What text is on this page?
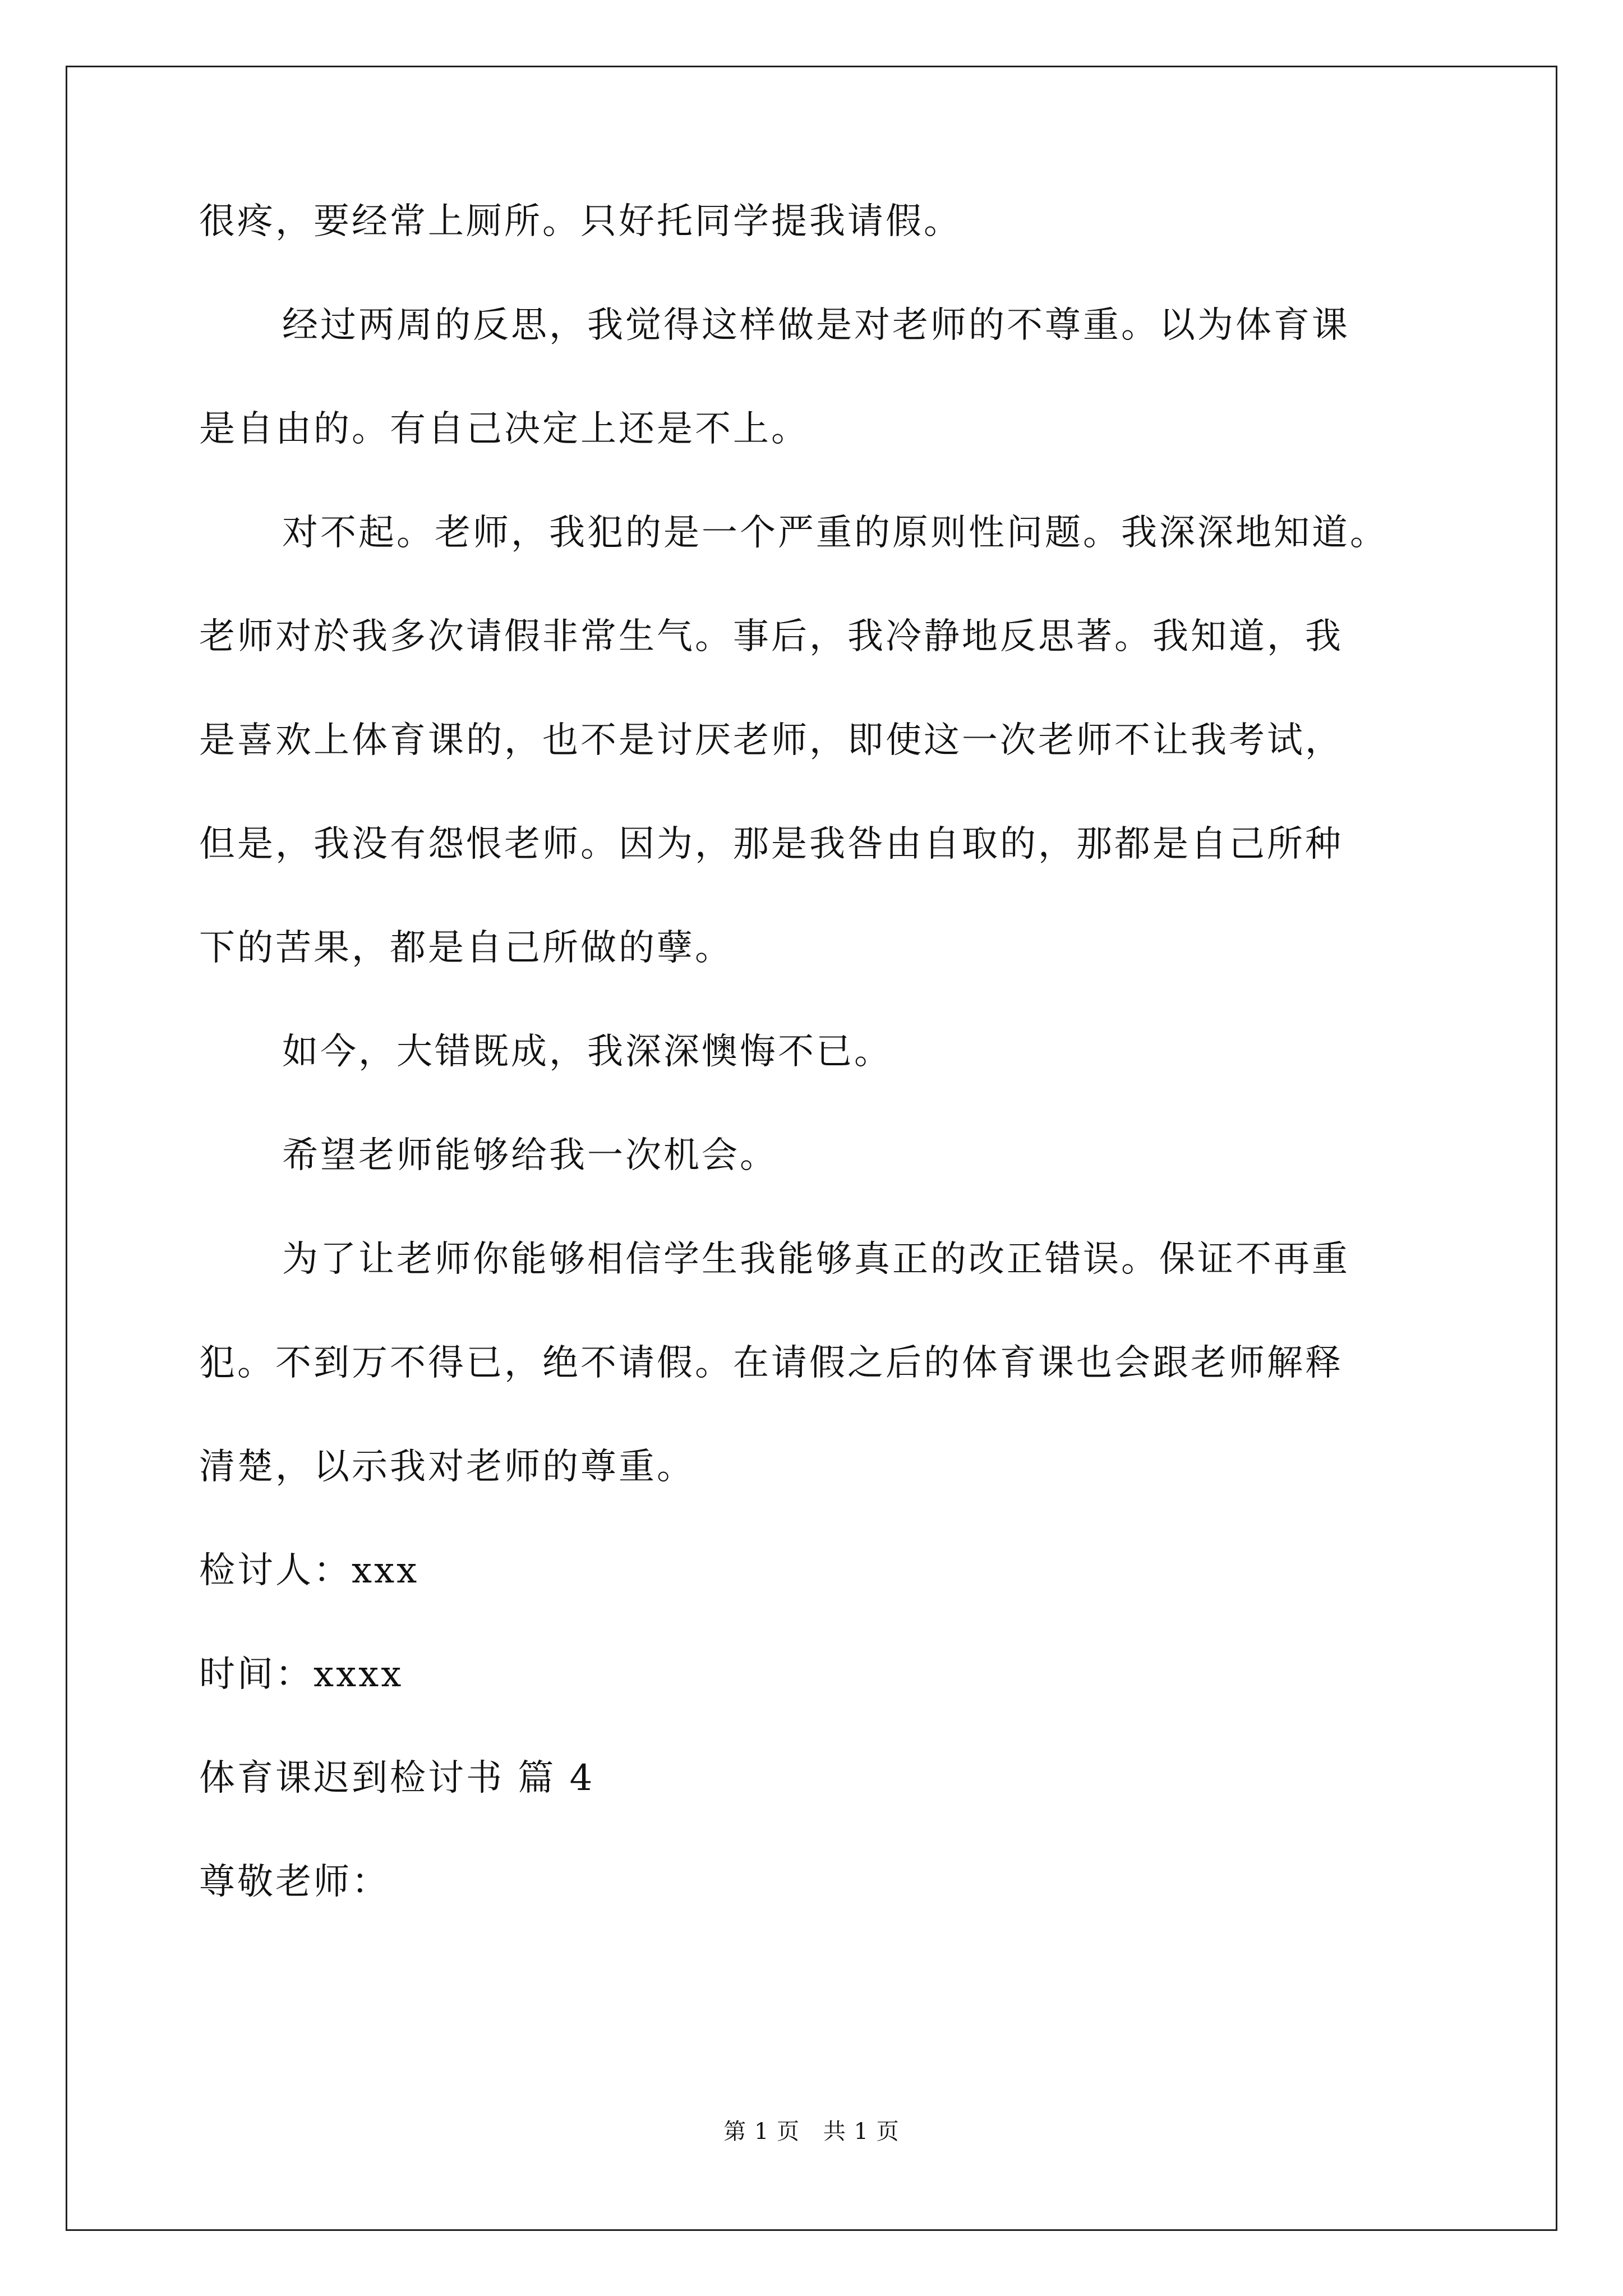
很疼，要经常上厕所。只好托同学提我请假。
经过两周的反思，我觉得这样做是对老师的不尊重。以为体育课
是自由的。有自己决定上还是不上。
对不起。老师，我犯的是一个严重的原则性问题。我深深地知道。
老师对於我多次请假非常生气。事后，我冷静地反思著。我知道，我
是喜欢上体育课的，也不是讨厌老师，即使这一次老师不让我考试，
但是，我没有怨恨老师。因为，那是我咎由自取的，那都是自己所种
下的苦果，都是自己所做的孽。
如今，大错既成，我深深懊悔不已。
希望老师能够给我一次机会。
为了让老师你能够相信学生我能够真正的改正错误。保证不再重
犯。不到万不得已，绝不请假。在请假之后的体育课也会跟老师解释
清楚，以示我对老师的尊重。
检讨人：xxx
时间：xxxx
体育课迟到检讨书 篇 4
尊敬老师：
第 1 页 共 1 页
